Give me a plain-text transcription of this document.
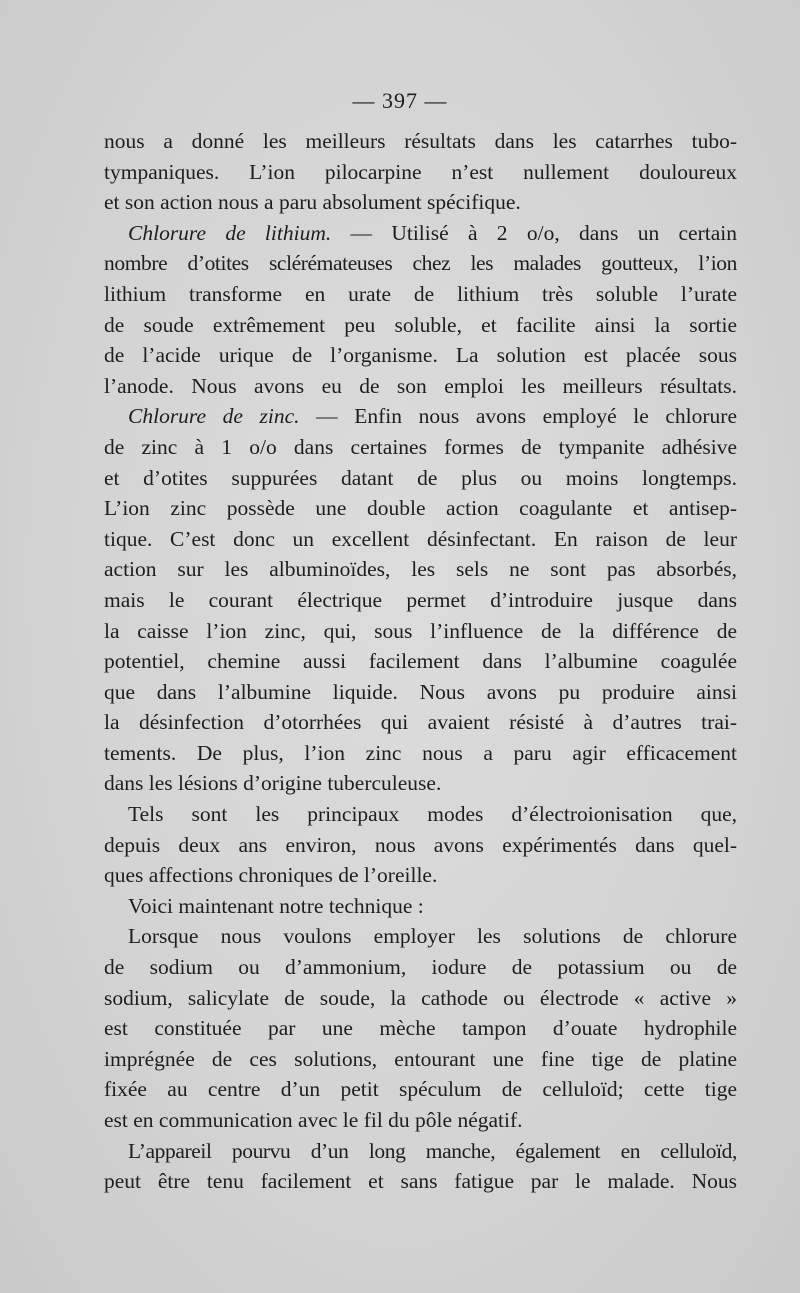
— 397 —

nous a donné les meilleurs résultats dans les catarrhes tubo-

tympaniques. L’ion pilocarpine n’est nullement douloureux

et son action nous a paru absolument spécifique.

Chlorure de lithium. — Utilisé à 2 o/o, dans un certain

nombre d’otites sclérémateuses chez les malades goutteux, l’ion

lithium transforme en urate de lithium très soluble l’urate

de soude extrêmement peu soluble, et facilite ainsi la sortie

de l’acide urique de l’organisme. La solution est placée sous

l’anode. Nous avons eu de son emploi les meilleurs résultats.

Chlorure de zinc. — Enfin nous avons employé le chlorure

de zinc à 1 o/o dans certaines formes de tympanite adhésive

et d’otites suppurées datant de plus ou moins longtemps.

L’ion zinc possède une double action coagulante et antisep-

tique. C’est donc un excellent désinfectant. En raison de leur

action sur les albuminoïdes, les sels ne sont pas absorbés,

mais le courant électrique permet d’introduire jusque dans

la caisse l’ion zinc, qui, sous l’influence de la différence de

potentiel, chemine aussi facilement dans l’albumine coagulée

que dans l’albumine liquide. Nous avons pu produire ainsi

la désinfection d’otorrhées qui avaient résisté à d’autres trai-

tements. De plus, l’ion zinc nous a paru agir efficacement

dans les lésions d’origine tuberculeuse.

Tels sont les principaux modes d’électroionisation que,

depuis deux ans environ, nous avons expérimentés dans quel-

ques affections chroniques de l’oreille.

Voici maintenant notre technique :

Lorsque nous voulons employer les solutions de chlorure

de sodium ou d’ammonium, iodure de potassium ou de

sodium, salicylate de soude, la cathode ou électrode « active »

est constituée par une mèche tampon d’ouate hydrophile

imprégnée de ces solutions, entourant une fine tige de platine

fixée au centre d’un petit spéculum de celluloïd; cette tige

est en communication avec le fil du pôle négatif.

L’appareil pourvu d’un long manche, également en celluloïd,

peut être tenu facilement et sans fatigue par le malade. Nous
